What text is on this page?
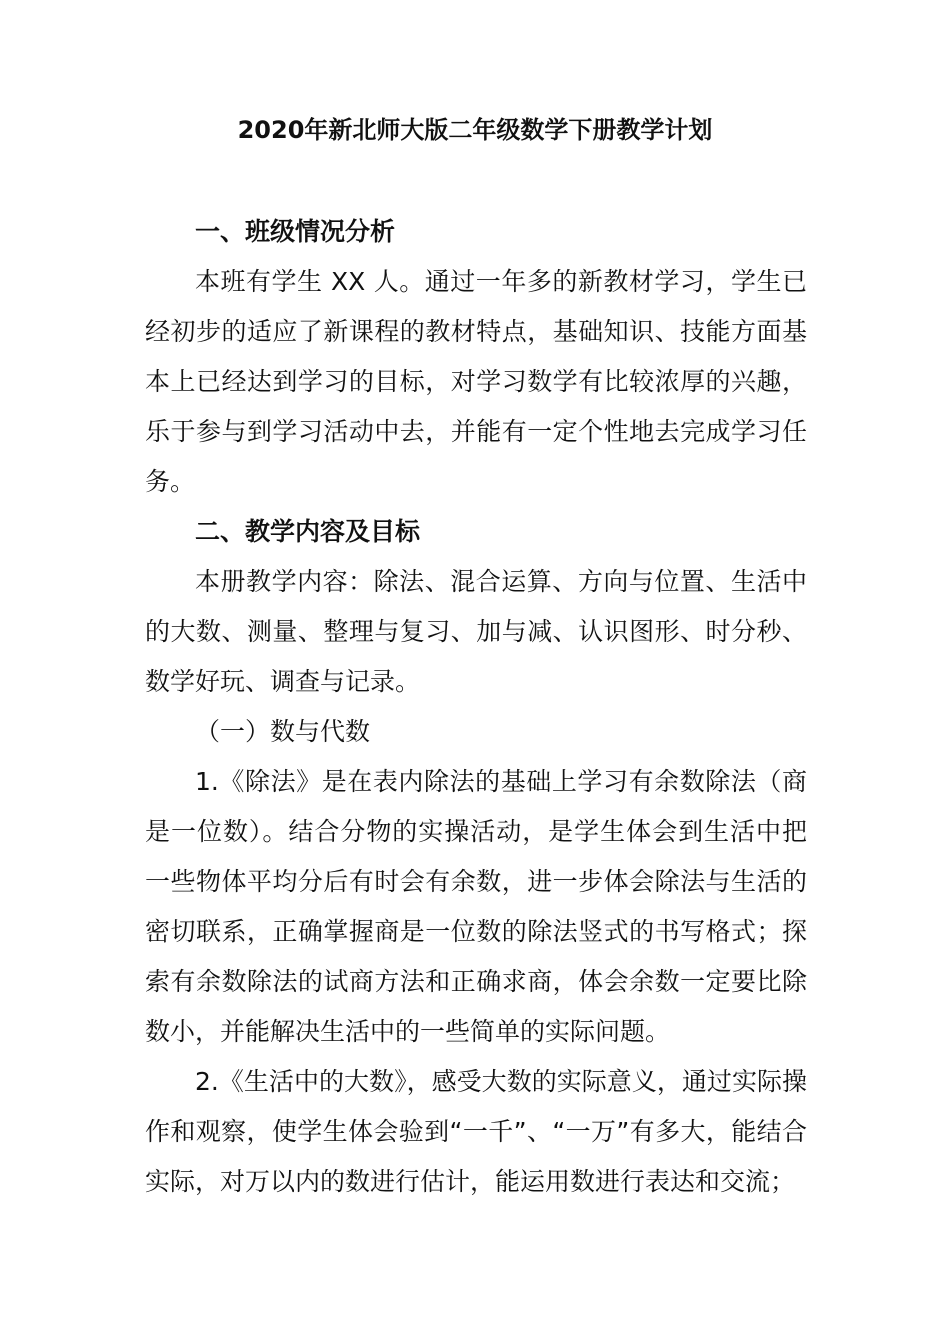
2020年新北师大版二年级数学下册教学计划

一、班级情况分析

本班有学生 XX 人。通过一年多的新教材学习，学生已经初步的适应了新课程的教材特点，基础知识、技能方面基本上已经达到学习的目标，对学习数学有比较浓厚的兴趣，乐于参与到学习活动中去，并能有一定个性地去完成学习任务。

二、教学内容及目标

本册教学内容：除法、混合运算、方向与位置、生活中的大数、测量、整理与复习、加与减、认识图形、时分秒、数学好玩、调查与记录。

（一）数与代数

1.《除法》是在表内除法的基础上学习有余数除法（商是一位数）。结合分物的实操活动，是学生体会到生活中把一些物体平均分后有时会有余数，进一步体会除法与生活的密切联系，正确掌握商是一位数的除法竖式的书写格式；探索有余数除法的试商方法和正确求商，体会余数一定要比除数小，并能解决生活中的一些简单的实际问题。

2.《生活中的大数》，感受大数的实际意义，通过实际操作和观察，使学生体会验到“一千”、“一万”有多大，能结合实际，对万以内的数进行估计，能运用数进行表达和交流；
